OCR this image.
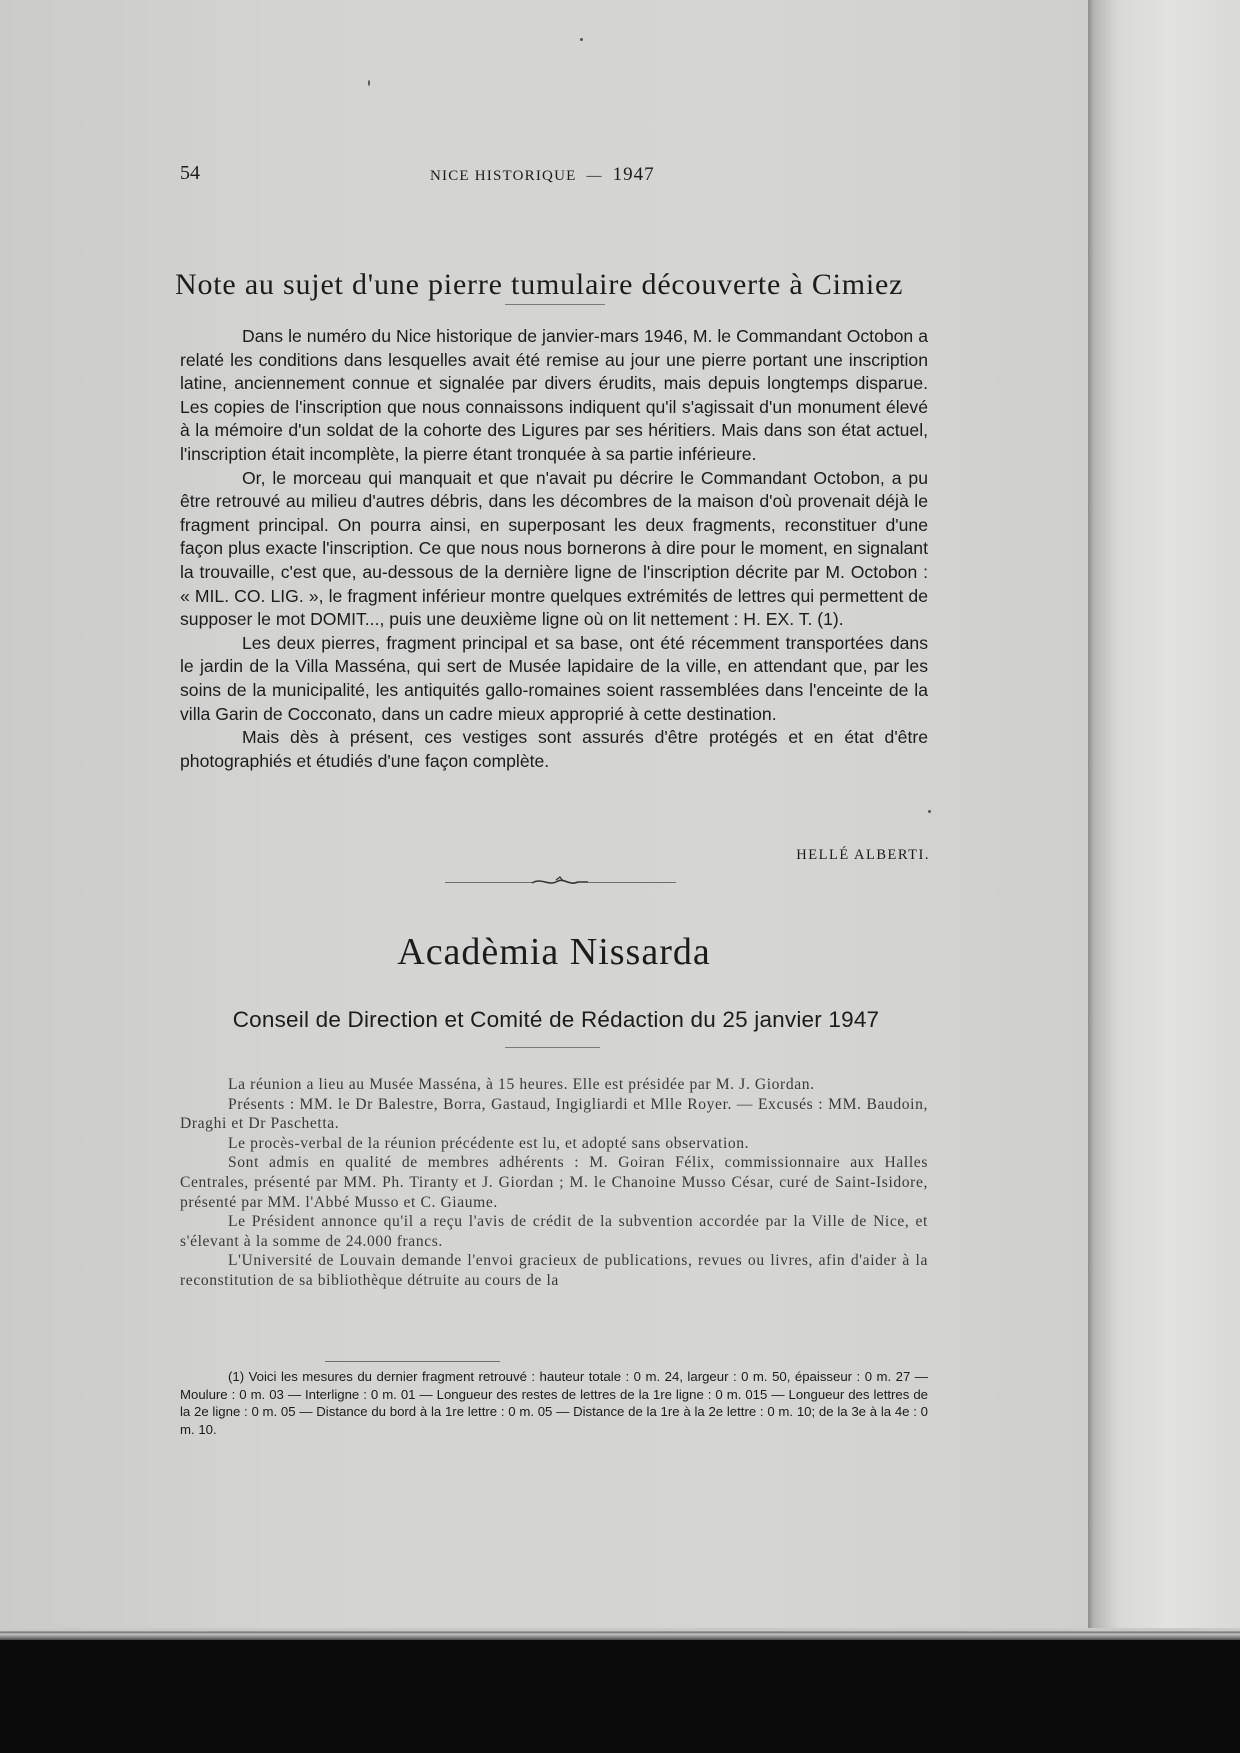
54	NICE HISTORIQUE — 1947
Note au sujet d'une pierre tumulaire découverte à Cimiez

Dans le numéro du Nice historique de janvier-mars 1946, M. le Commandant Octobon a relaté les conditions dans lesquelles avait été remise au jour une pierre portant une inscription latine, anciennement connue et signalée par divers érudits, mais depuis longtemps disparue. Les copies de l'inscription que nous connaissons indiquent qu'il s'agissait d'un monument élevé à la mémoire d'un soldat de la cohorte des Ligures par ses héritiers. Mais dans son état actuel, l'inscription était incomplète, la pierre étant tronquée à sa partie inférieure.

Or, le morceau qui manquait et que n'avait pu décrire le Commandant Octobon, a pu être retrouvé au milieu d'autres débris, dans les décombres de la maison d'où provenait déjà le fragment principal. On pourra ainsi, en superposant les deux fragments, reconstituer d'une façon plus exacte l'inscription. Ce que nous nous bornerons à dire pour le moment, en signalant la trouvaille, c'est que, au-dessous de la dernière ligne de l'inscription décrite par M. Octobon : « MIL. CO. LIG. », le fragment inférieur montre quelques extrémités de lettres qui permettent de supposer le mot DOMIT..., puis une deuxième ligne où on lit nettement : H. EX. T. (1).

Les deux pierres, fragment principal et sa base, ont été récemment transportées dans le jardin de la Villa Masséna, qui sert de Musée lapidaire de la ville, en attendant que, par les soins de la municipalité, les antiquités gallo-romaines soient rassemblées dans l'enceinte de la villa Garin de Cocconato, dans un cadre mieux approprié à cette destination.

Mais dès à présent, ces vestiges sont assurés d'être protégés et en état d'être photographiés et étudiés d'une façon complète.

HELLÉ ALBERTI.
Acadèmia Nissarda
Conseil de Direction et Comité de Rédaction du 25 janvier 1947

La réunion a lieu au Musée Masséna, à 15 heures. Elle est présidée par M. J. Giordan.

Présents : MM. le Dr Balestre, Borra, Gastaud, Ingigliardi et Mlle Royer. — Excusés : MM. Baudoin, Draghi et Dr Paschetta.

Le procès-verbal de la réunion précédente est lu, et adopté sans observation.

Sont admis en qualité de membres adhérents : M. Goiran Félix, commissionnaire aux Halles Centrales, présenté par MM. Ph. Tiranty et J. Giordan ; M. le Chanoine Musso César, curé de Saint-Isidore, présenté par MM. l'Abbé Musso et C. Giaume.

Le Président annonce qu'il a reçu l'avis de crédit de la subvention accordée par la Ville de Nice, et s'élevant à la somme de 24.000 francs.

L'Université de Louvain demande l'envoi gracieux de publications, revues ou livres, afin d'aider à la reconstitution de sa bibliothèque détruite au cours de la

(1) Voici les mesures du dernier fragment retrouvé : hauteur totale : 0 m. 24, largeur : 0 m. 50, épaisseur : 0 m. 27 — Moulure : 0 m. 03 — Interligne : 0 m. 01 — Longueur des restes de lettres de la 1re ligne : 0 m. 015 — Longueur des lettres de la 2e ligne : 0 m. 05 — Distance du bord à la 1re lettre : 0 m. 05 — Distance de la 1re à la 2e lettre : 0 m. 10; de la 3e à la 4e : 0 m. 10.
